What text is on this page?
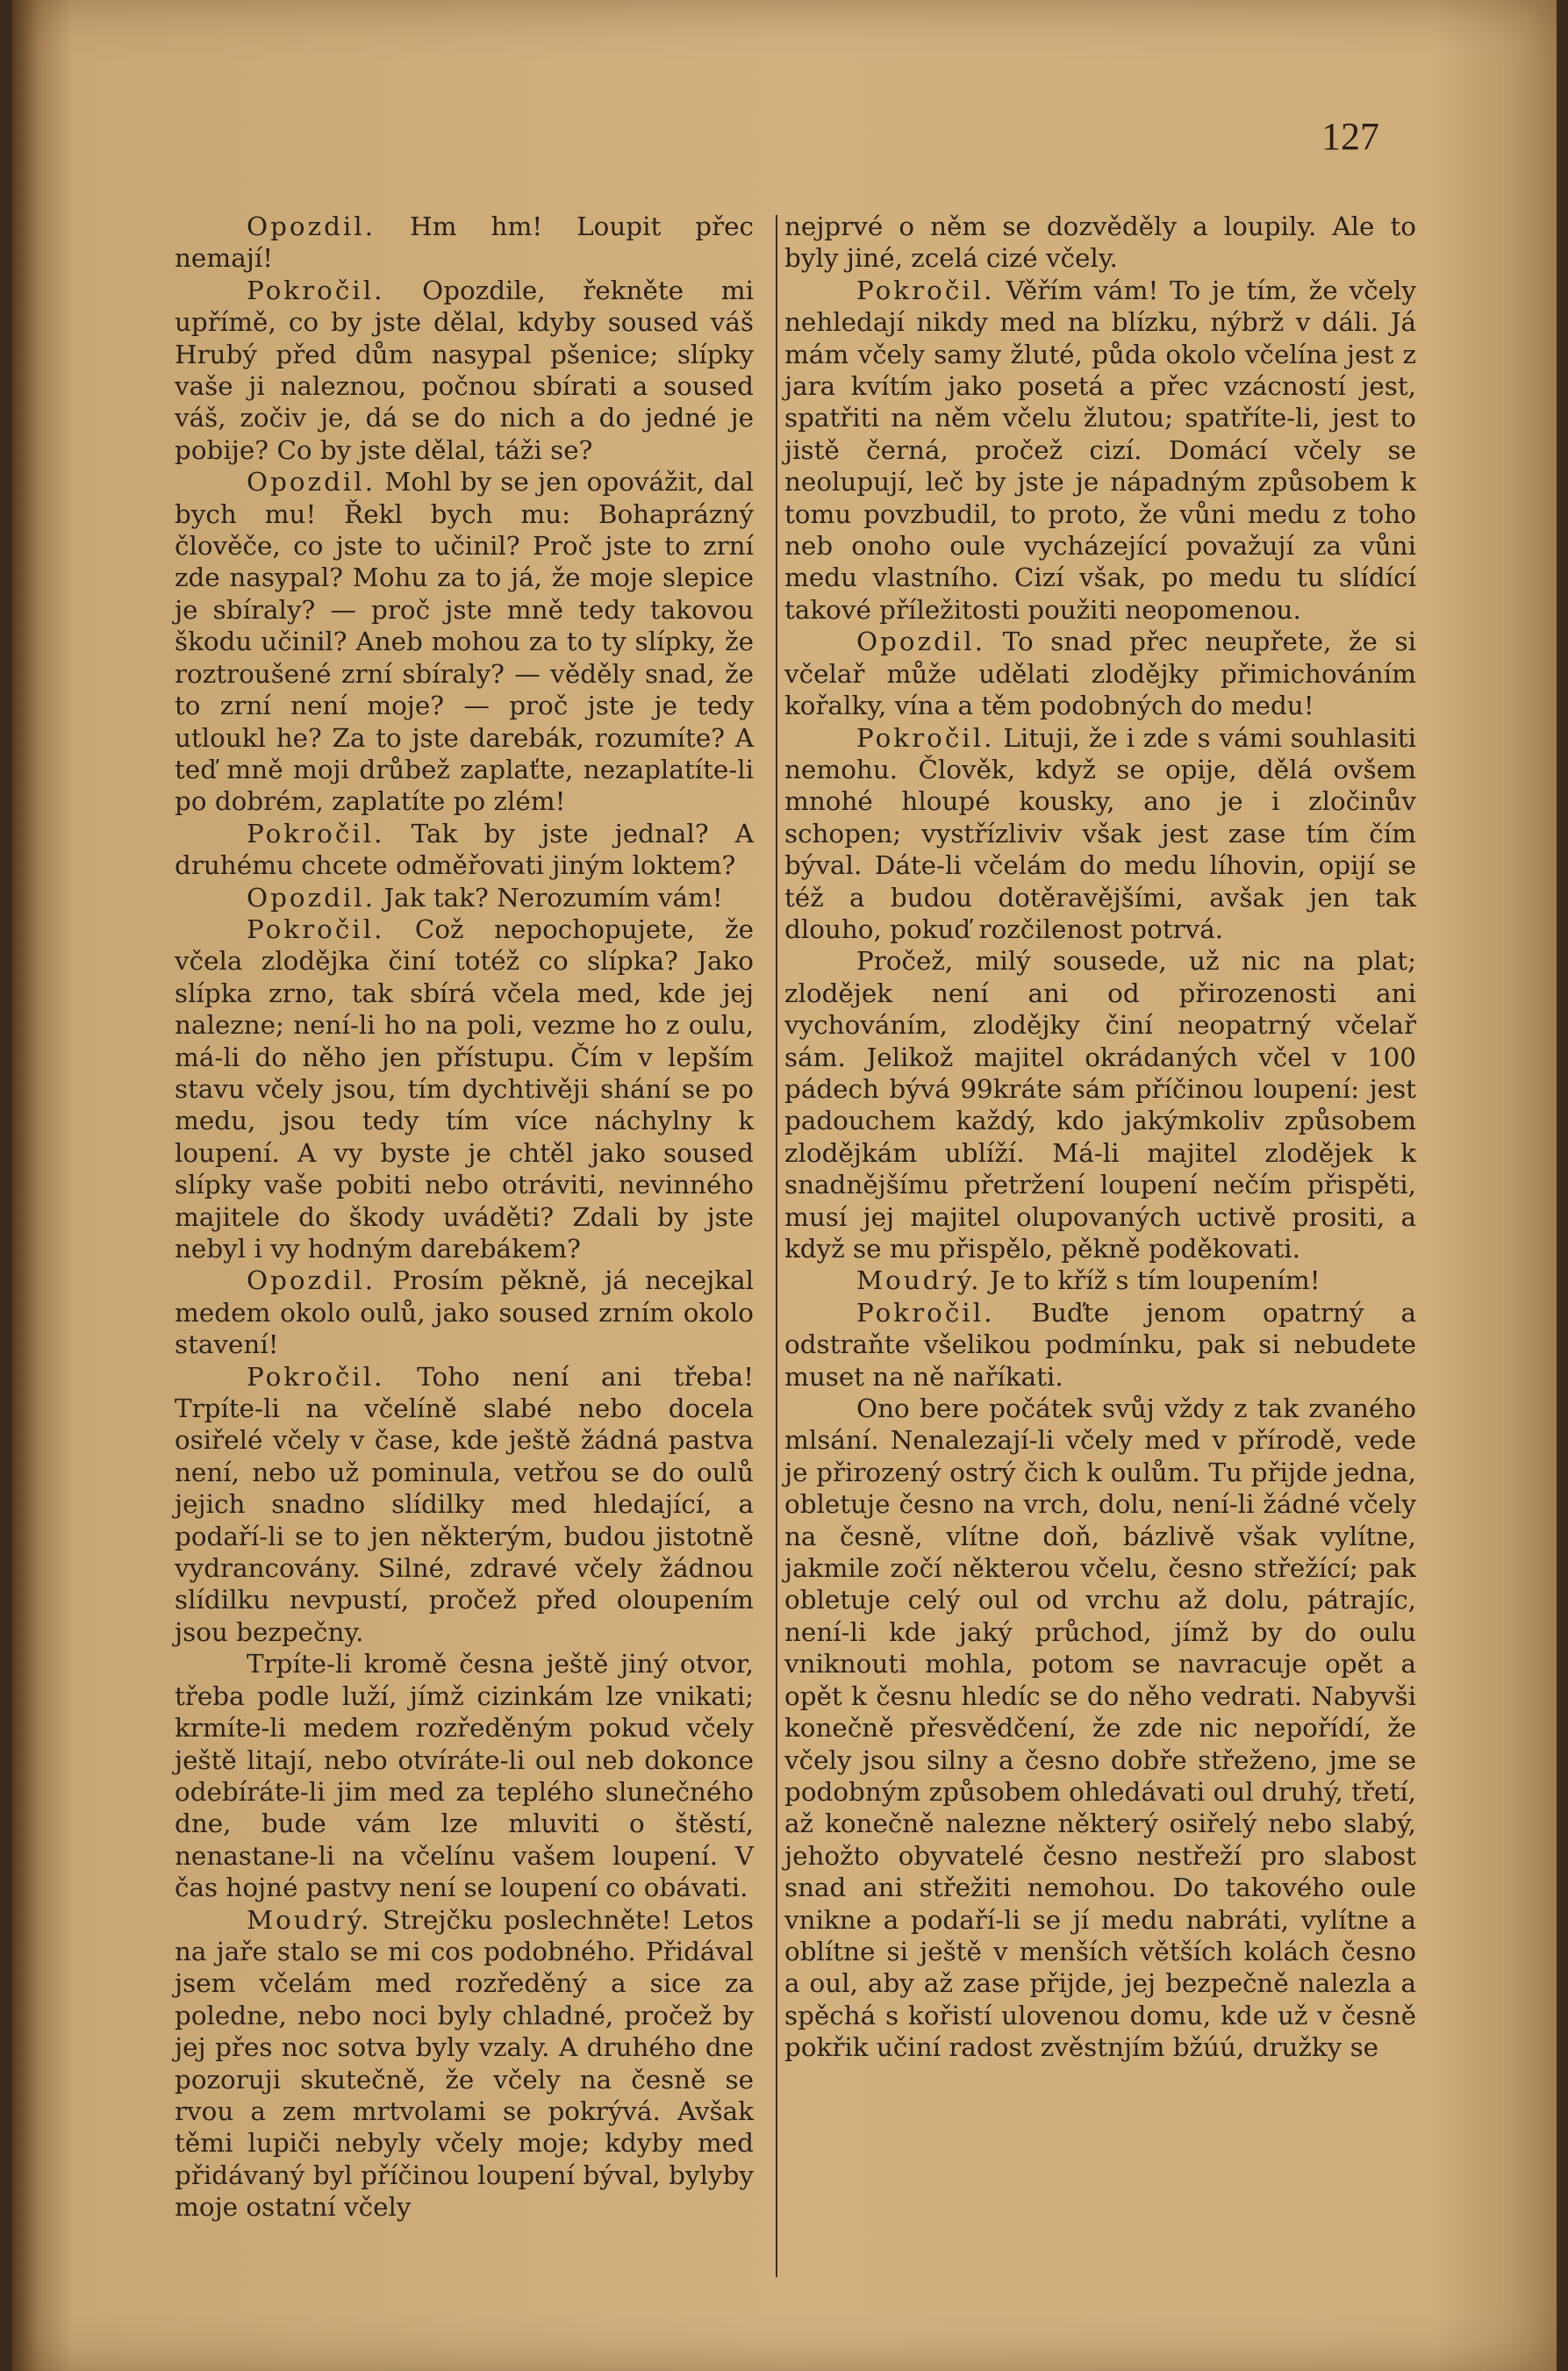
127

Opozdil. Hm hm! Loupit přec nemají!

Pokročil. Opozdile, řekněte mi upřímě, co by jste dělal, kdyby soused váš Hrubý před dům nasypal pšenice; slípky vaše ji naleznou, počnou sbírati a soused váš, zočiv je, dá se do nich a do jedné je pobije? Co by jste dělal, táži se?

Opozdil. Mohl by se jen opovážit, dal bych mu! Řekl bych mu: Bohaprázný člověče, co jste to učinil? Proč jste to zrní zde nasypal? Mohu za to já, že moje slepice je sbíraly? — proč jste mně tedy takovou škodu učinil? Aneb mohou za to ty slípky, že roztroušené zrní sbíraly? — věděly snad, že to zrní není moje? — proč jste je tedy utloukl he? Za to jste darebák, rozumíte? A teď mně moji drůbež zaplaťte, nezaplatíte-li po dobrém, zaplatíte po zlém!

Pokročil. Tak by jste jednal? A druhému chcete odměřovati jiným loktem?

Opozdil. Jak tak? Nerozumím vám!

Pokročil. Což nepochopujete, že včela zlodějka činí totéž co slípka? Jako slípka zrno, tak sbírá včela med, kde jej nalezne; není-li ho na poli, vezme ho z oulu, má-li do něho jen přístupu. Čím v lepším stavu včely jsou, tím dychtivěji shání se po medu, jsou tedy tím více náchylny k loupení. A vy byste je chtěl jako soused slípky vaše pobiti nebo otráviti, nevinného majitele do škody uváděti? Zdali by jste nebyl i vy hodným darebákem?

Opozdil. Prosím pěkně, já necejkal medem okolo oulů, jako soused zrním okolo stavení!

Pokročil. Toho není ani třeba! Trpíte-li na včelíně slabé nebo docela osiřelé včely v čase, kde ještě žádná pastva není, nebo už pominula, vetřou se do oulů jejich snadno slídilky med hledající, a podaří-li se to jen některým, budou jistotně vydrancovány. Silné, zdravé včely žádnou slídilku nevpustí, pročež před oloupením jsou bezpečny.

Trpíte-li kromě česna ještě jiný otvor, třeba podle luží, jímž cizinkám lze vnikati; krmíte-li medem rozředěným pokud včely ještě litají, nebo otvíráte-li oul neb dokonce odebíráte-li jim med za teplého slunečného dne, bude vám lze mluviti o štěstí, nenastane-li na včelínu vašem loupení. V čas hojné pastvy není se loupení co obávati.

Moudrý. Strejčku poslechněte! Letos na jaře stalo se mi cos podobného. Přidával jsem včelám med rozředěný a sice za poledne, nebo noci byly chladné, pročež by jej přes noc sotva byly vzaly. A druhého dne pozoruji skutečně, že včely na česně se rvou a zem mrtvolami se pokrývá. Avšak těmi lupiči nebyly včely moje; kdyby med přidávaný byl příčinou loupení býval, bylyby moje ostatní včely

nejprvé o něm se dozvěděly a loupily. Ale to byly jiné, zcelá cizé včely.

Pokročil. Věřím vám! To je tím, že včely nehledají nikdy med na blízku, nýbrž v dáli. Já mám včely samy žluté, půda okolo včelína jest z jara kvítím jako posetá a přec vzácností jest, spatřiti na něm včelu žlutou; spatříte-li, jest to jistě černá, pročež cizí. Domácí včely se neolupují, leč by jste je nápadným způsobem k tomu povzbudil, to proto, že vůni medu z toho neb onoho oule vycházející považují za vůni medu vlastního. Cizí však, po medu tu slídící takové příležitosti použiti neopomenou.

Opozdil. To snad přec neupřete, že si včelař může udělati zlodějky přimichováním kořalky, vína a těm podobných do medu!

Pokročil. Lituji, že i zde s vámi souhlasiti nemohu. Člověk, když se opije, dělá ovšem mnohé hloupé kousky, ano je i zločinův schopen; vystřízliviv však jest zase tím čím býval. Dáte-li včelám do medu líhovin, opijí se též a budou dotěravějšími, avšak jen tak dlouho, pokuď rozčilenost potrvá.

Pročež, milý sousede, už nic na plat; zlodějek není ani od přirozenosti ani vychováním, zlodějky činí neopatrný včelař sám. Jelikož majitel okrádaných včel v 100 pádech bývá 99kráte sám příčinou loupení: jest padouchem každý, kdo jakýmkoliv způsobem zlodějkám ublíží. Má-li majitel zlodějek k snadnějšímu přetržení loupení nečím přispěti, musí jej majitel olupovaných uctivě prositi, a když se mu přispělo, pěkně poděkovati.

Moudrý. Je to kříž s tím loupením!

Pokročil. Buďte jenom opatrný a odstraňte všelikou podmínku, pak si nebudete muset na ně naříkati.

Ono bere počátek svůj vždy z tak zvaného mlsání. Nenalezají-li včely med v přírodě, vede je přirozený ostrý čich k oulům. Tu přijde jedna, obletuje česno na vrch, dolu, není-li žádné včely na česně, vlítne doň, bázlivě však vylítne, jakmile zočí některou včelu, česno střežící; pak obletuje celý oul od vrchu až dolu, pátrajíc, není-li kde jaký průchod, jímž by do oulu vniknouti mohla, potom se navracuje opět a opět k česnu hledíc se do něho vedrati. Nabyvši konečně přesvědčení, že zde nic nepořídí, že včely jsou silny a česno dobře střeženo, jme se podobným způsobem ohledávati oul druhý, třetí, až konečně nalezne některý osiřelý nebo slabý, jehožto obyvatelé česno nestřeží pro slabost snad ani střežiti nemohou. Do takového oule vnikne a podaří-li se jí medu nabráti, vylítne a oblítne si ještě v menších větších kolách česno a oul, aby až zase přijde, jej bezpečně nalezla a spěchá s kořistí ulovenou domu, kde už v česně pokřik učiní radost zvěstnjím bžúú, družky se
